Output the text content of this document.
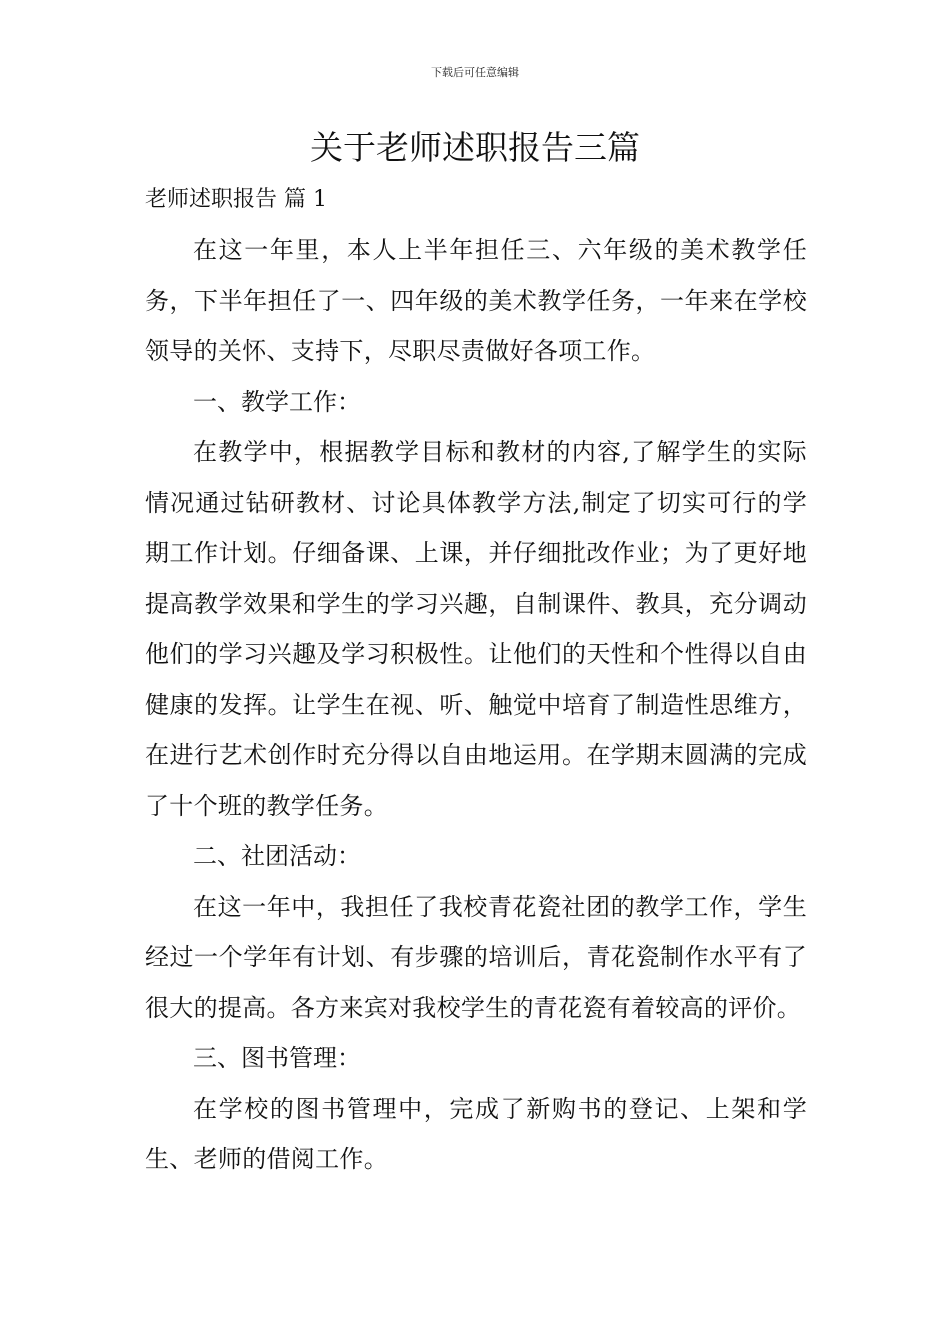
下载后可任意编辑
关于老师述职报告三篇
老师述职报告 篇 1

在这一年里，本人上半年担任三、六年级的美术教学任务，下半年担任了一、四年级的美术教学任务，一年来在学校领导的关怀、支持下，尽职尽责做好各项工作。

一、教学工作：

在教学中，根据教学目标和教材的内容,了解学生的实际情况通过钻研教材、讨论具体教学方法,制定了切实可行的学期工作计划。仔细备课、上课，并仔细批改作业；为了更好地提高教学效果和学生的学习兴趣，自制课件、教具，充分调动他们的学习兴趣及学习积极性。让他们的天性和个性得以自由健康的发挥。让学生在视、听、触觉中培育了制造性思维方，在进行艺术创作时充分得以自由地运用。在学期末圆满的完成了十个班的教学任务。

二、社团活动：

在这一年中，我担任了我校青花瓷社团的教学工作，学生经过一个学年有计划、有步骤的培训后，青花瓷制作水平有了很大的提高。各方来宾对我校学生的青花瓷有着较高的评价。

三、图书管理：

在学校的图书管理中，完成了新购书的登记、上架和学生、老师的借阅工作。
